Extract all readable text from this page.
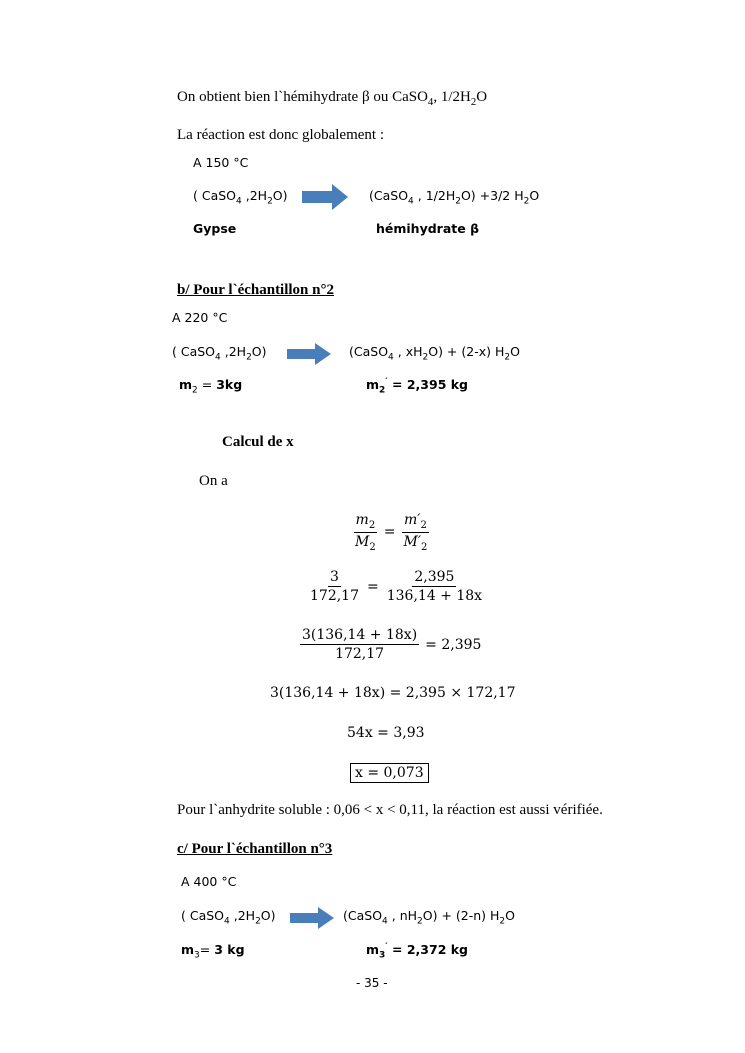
On obtient bien l`hémihydrate β ou CaSO$_4$, $1/2H_2O$
La réaction est donc globalement :
A 150 °C
( CaSO$_4$ $,2H_2O$)	(CaSO$_4$ , $1/2H_2O) +3/2$ $H_2O$
Gypse	hémihydrate β
b/ Pour l`échantillon n°2
A 220 °C
( CaSO$_4$ $,2H_2O$)	(CaSO$_4$ , $xH_2O) + (2-x)$ $H_2O$
$m_2 = 3kg$	$m_2' = 2,395$ kg
Calcul de x
On a
$\frac{m_2}{M_2} = \frac{m'_2}{M'_2}$
$\frac{3}{172,17} = \frac{2,395}{136,14 + 18x}$
$\frac{3(136,14 + 18x)}{172,17} = 2,395$
3(136,14 + 18x) = 2,395 × 172,17
54x = 3,93
x = 0,073
Pour l`anhydrite soluble : 0,06 < x < 0,11, la réaction est aussi vérifiée.
c/ Pour l`échantillon n°3
A 400 °C
( CaSO$_4$ $,2H_2O$)	(CaSO$_4$ , $nH_2O) + (2-n)$ $H_2O$
$m_3= 3$ kg	$m_3' = 2,372$ kg
- 35 -
